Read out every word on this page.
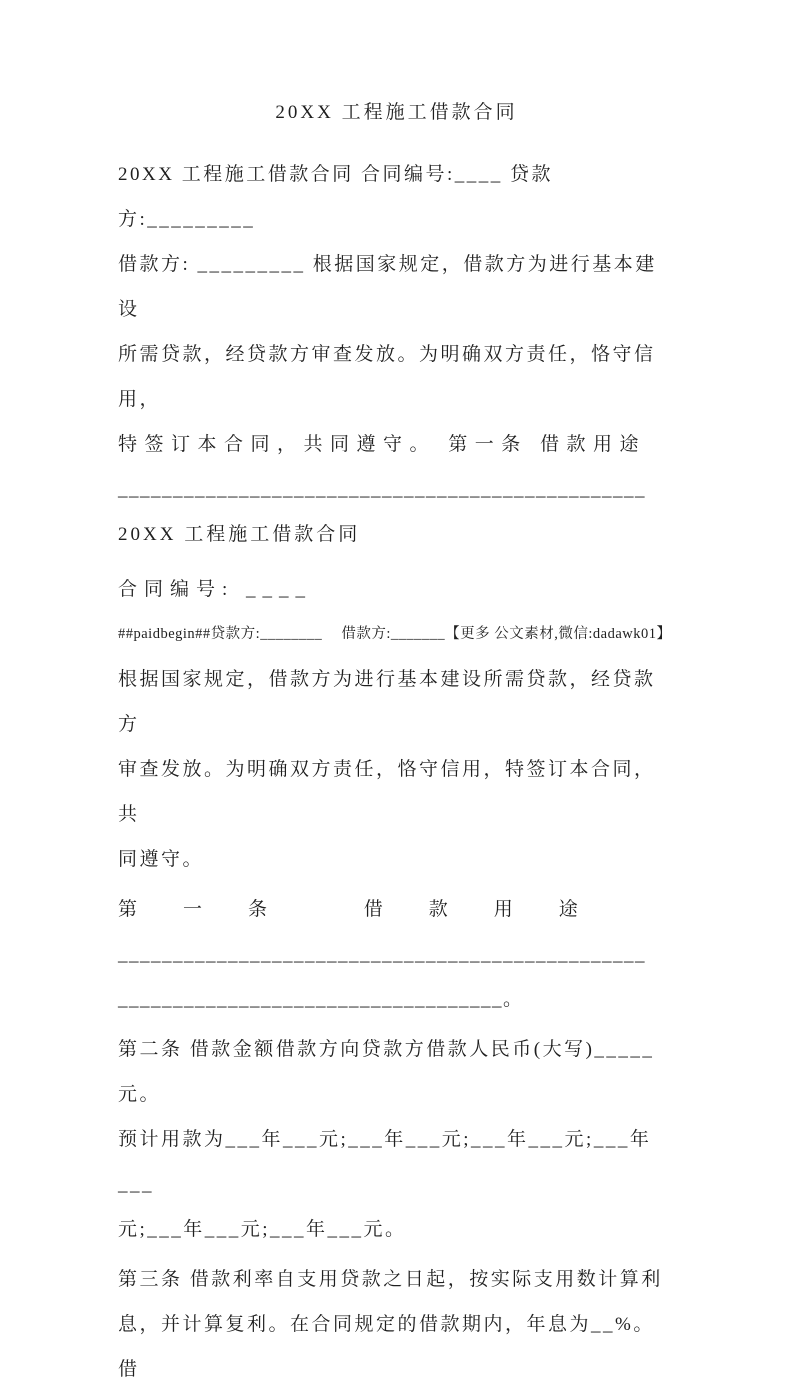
20XX 工程施工借款合同
20XX 工程施工借款合同 合同编号:____ 贷款方:_________
借款方: _________ 根据国家规定，借款方为进行基本建设
所需贷款，经贷款方审查发放。为明确双方责任，恪守信用，
特签订本合同，共同遵守。 第一条 借款用途
________________________________________________
20XX 工程施工借款合同
合同编号: ____
##paidbegin##贷款方:________　 借款方:_______【更多 公文素材,微信:dadawk01】
根据国家规定，借款方为进行基本建设所需贷款，经贷款方
审查发放。为明确双方责任，恪守信用，特签订本合同，共
同遵守。
第一条 借款用途
________________________________________________
___________________________________。
第二条 借款金额借款方向贷款方借款人民币(大写)_____元。
预计用款为___年___元;___年___元;___年___元;___年___
元;___年___元;___年___元。
第三条 借款利率自支用贷款之日起，按实际支用数计算利
息，并计算复利。在合同规定的借款期内，年息为__%。借
